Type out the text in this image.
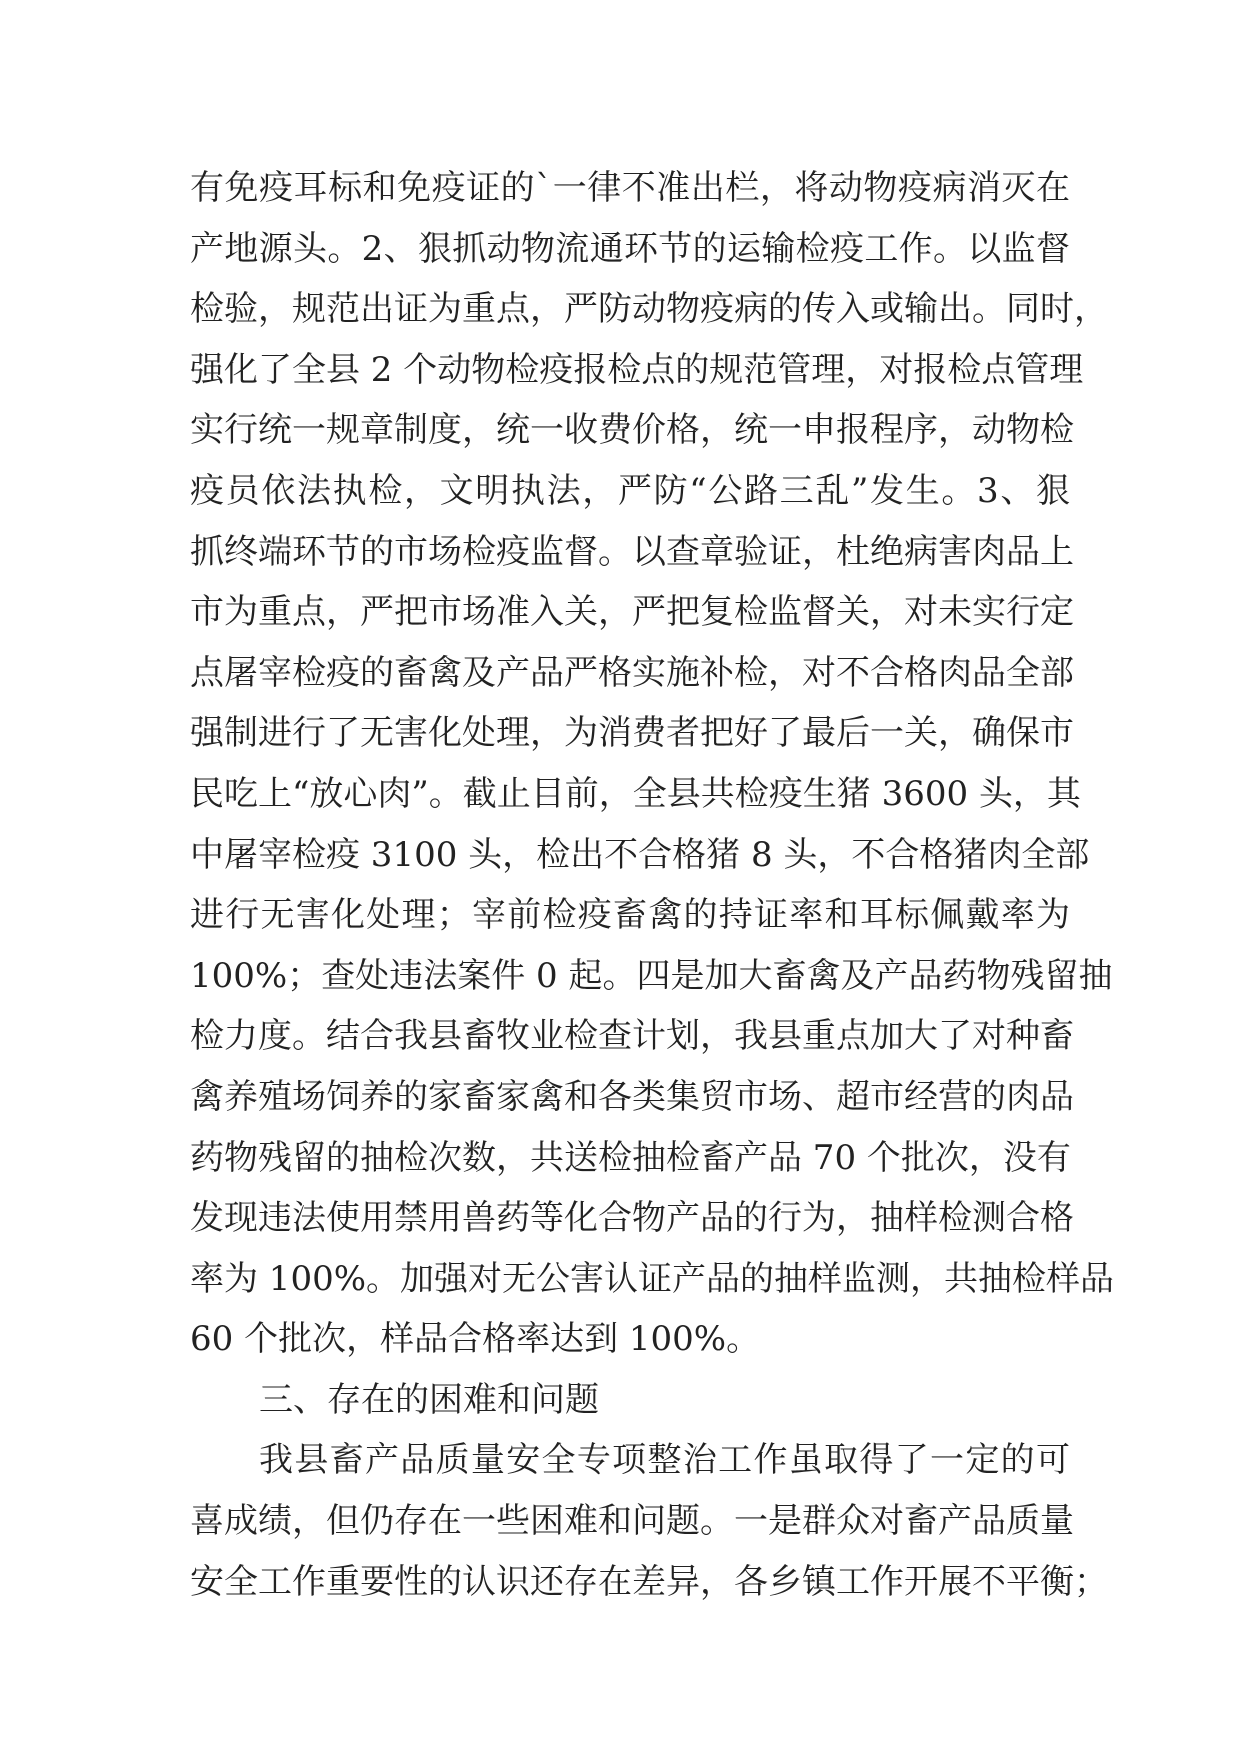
有免疫耳标和免疫证的`一律不准出栏，将动物疫病消灭在
产地源头。2、狠抓动物流通环节的运输检疫工作。以监督
检验，规范出证为重点，严防动物疫病的传入或输出。同时，
强化了全县 2 个动物检疫报检点的规范管理，对报检点管理
实行统一规章制度，统一收费价格，统一申报程序，动物检
疫员依法执检，文明执法，严防“公路三乱”发生。3、狠
抓终端环节的市场检疫监督。以查章验证，杜绝病害肉品上
市为重点，严把市场准入关，严把复检监督关，对未实行定
点屠宰检疫的畜禽及产品严格实施补检，对不合格肉品全部
强制进行了无害化处理，为消费者把好了最后一关，确保市
民吃上“放心肉”。截止目前，全县共检疫生猪 3600 头，其
中屠宰检疫 3100 头，检出不合格猪 8 头，不合格猪肉全部
进行无害化处理；宰前检疫畜禽的持证率和耳标佩戴率为
100%；查处违法案件 0 起。四是加大畜禽及产品药物残留抽
检力度。结合我县畜牧业检查计划，我县重点加大了对种畜
禽养殖场饲养的家畜家禽和各类集贸市场、超市经营的肉品
药物残留的抽检次数，共送检抽检畜产品 70 个批次，没有
发现违法使用禁用兽药等化合物产品的行为，抽样检测合格
率为 100%。加强对无公害认证产品的抽样监测，共抽检样品
60 个批次，样品合格率达到 100%。
三、存在的困难和问题
我县畜产品质量安全专项整治工作虽取得了一定的可
喜成绩，但仍存在一些困难和问题。一是群众对畜产品质量
安全工作重要性的认识还存在差异，各乡镇工作开展不平衡；
